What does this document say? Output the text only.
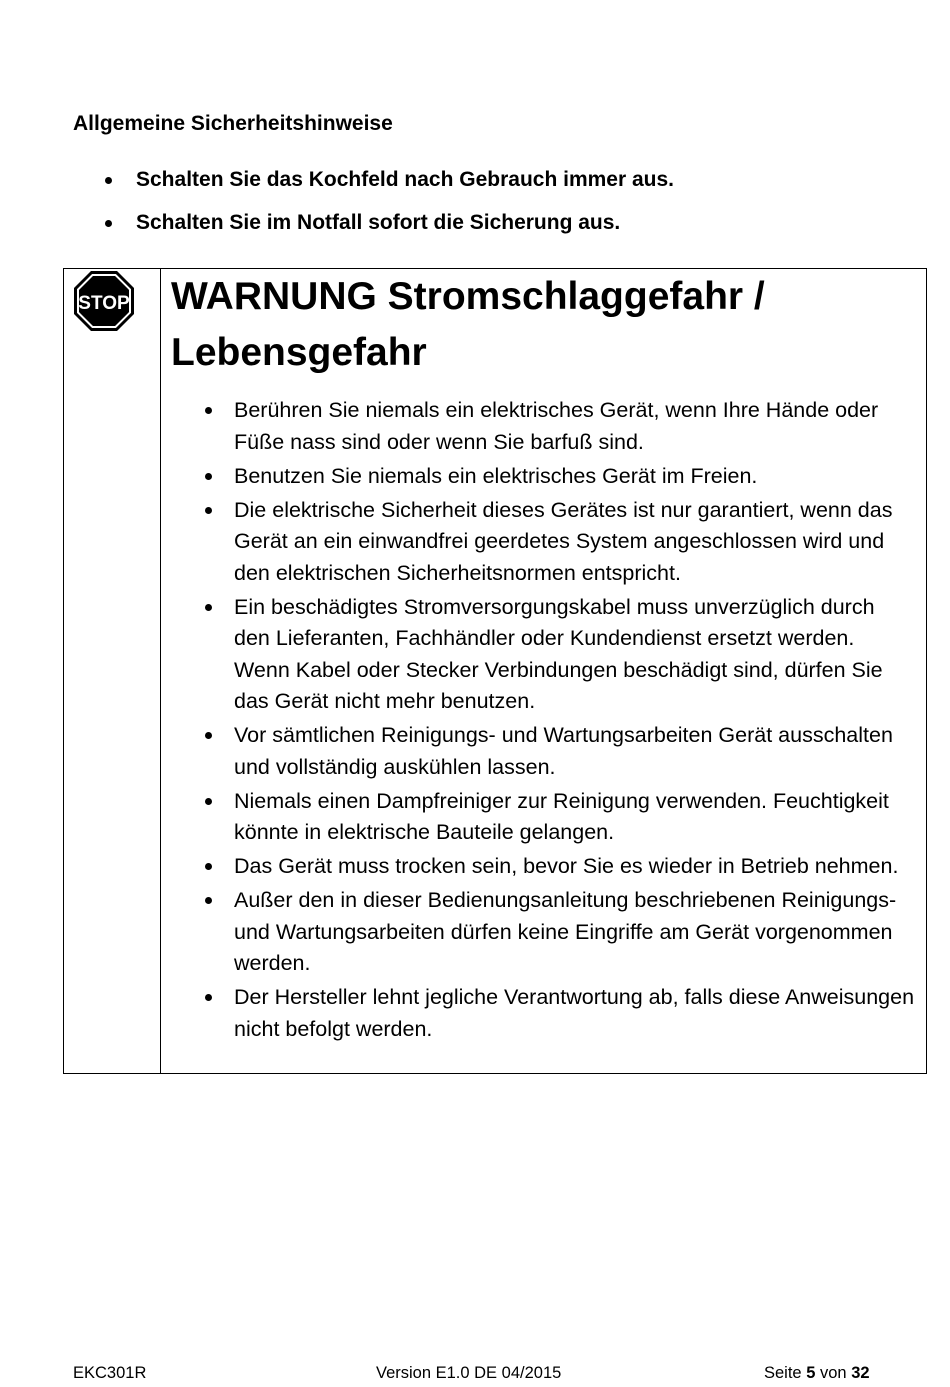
Allgemeine Sicherheitshinweise
Schalten Sie das Kochfeld nach Gebrauch immer aus.
Schalten Sie im Notfall sofort die Sicherung aus.
STOP WARNUNG Stromschlaggefahr /
Lebensgefahr
Berühren Sie niemals ein elektrisches Gerät, wenn Ihre Hände oder Füße nass sind oder wenn Sie barfuß sind.
Benutzen Sie niemals ein elektrisches Gerät im Freien.
Die elektrische Sicherheit dieses Gerätes ist nur garantiert, wenn das Gerät an ein einwandfrei geerdetes System angeschlossen wird und den elektrischen Sicherheitsnormen entspricht.
Ein beschädigtes Stromversorgungskabel muss unverzüglich durch den Lieferanten, Fachhändler oder Kundendienst ersetzt werden. Wenn Kabel oder Stecker Verbindungen beschädigt sind, dürfen Sie das Gerät nicht mehr benutzen.
Vor sämtlichen Reinigungs- und Wartungsarbeiten Gerät ausschalten und vollständig auskühlen lassen.
Niemals einen Dampfreiniger zur Reinigung verwenden. Feuchtigkeit könnte in elektrische Bauteile gelangen.
Das Gerät muss trocken sein, bevor Sie es wieder in Betrieb nehmen.
Außer den in dieser Bedienungsanleitung beschriebenen Reinigungs- und Wartungsarbeiten dürfen keine Eingriffe am Gerät vorgenommen werden.
Der Hersteller lehnt jegliche Verantwortung ab, falls diese Anweisungen nicht befolgt werden.

EKC301R	Version E1.0 DE 04/2015	Seite 5 von 32
